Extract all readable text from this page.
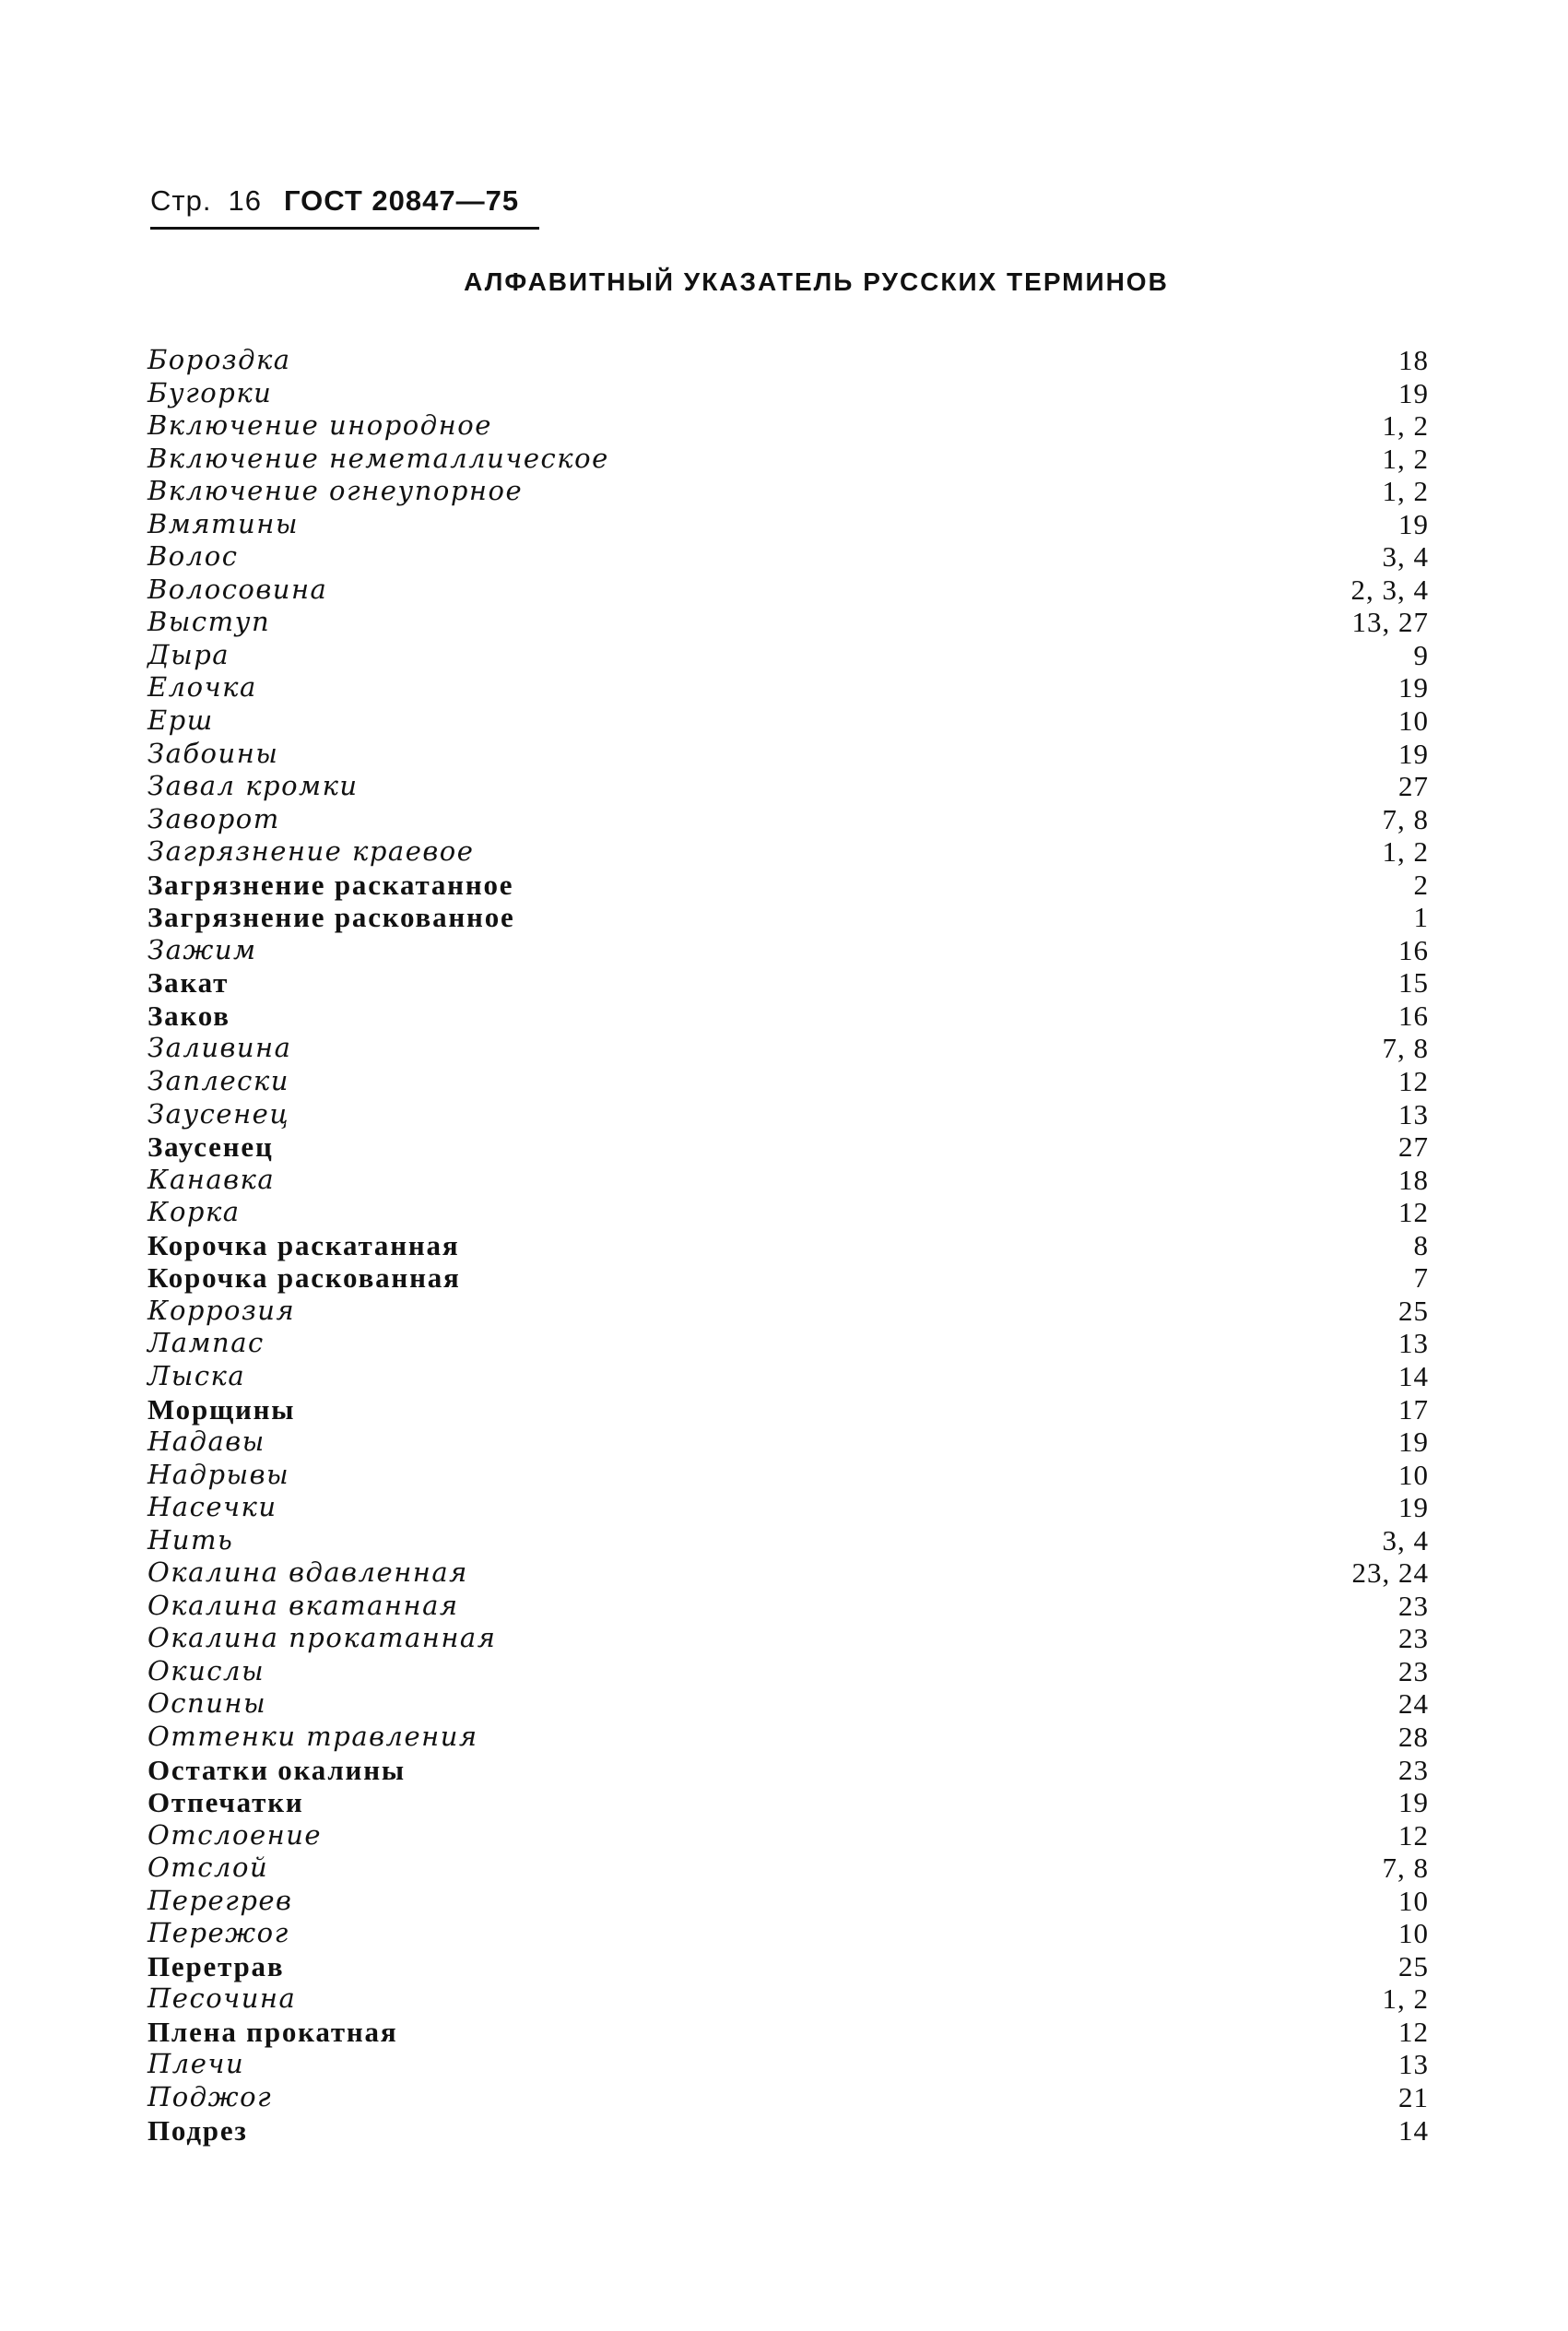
Стр. 16 ГОСТ 20847—75
АЛФАВИТНЫЙ УКАЗАТЕЛЬ РУССКИХ ТЕРМИНОВ
Бороздка	18
Бугорки	19
Включение инородное	1, 2
Включение неметаллическое	1, 2
Включение огнеупорное	1, 2
Вмятины	19
Волос	3, 4
Волосовина	2, 3, 4
Выступ	13, 27
Дыра	9
Елочка	19
Ерш	10
Забоины	19
Завал кромки	27
Заворот	7, 8
Загрязнение краевое	1, 2
Загрязнение раскатанное	2
Загрязнение раскованное	1
Зажим	16
Закат	15
Заков	16
Заливина	7, 8
Заплески	12
Заусенец	13
Заусенец	27
Канавка	18
Корка	12
Корочка раскатанная	8
Корочка раскованная	7
Коррозия	25
Лампас	13
Лыска	14
Морщины	17
Надавы	19
Надрывы	10
Насечки	19
Нить	3, 4
Окалина вдавленная	23, 24
Окалина вкатанная	23
Окалина прокатанная	23
Окислы	23
Оспины	24
Оттенки травления	28
Остатки окалины	23
Отпечатки	19
Отслоение	12
Отслой	7, 8
Перегрев	10
Пережог	10
Перетрав	25
Песочина	1, 2
Плена прокатная	12
Плечи	13
Поджог	21
Подрез	14
